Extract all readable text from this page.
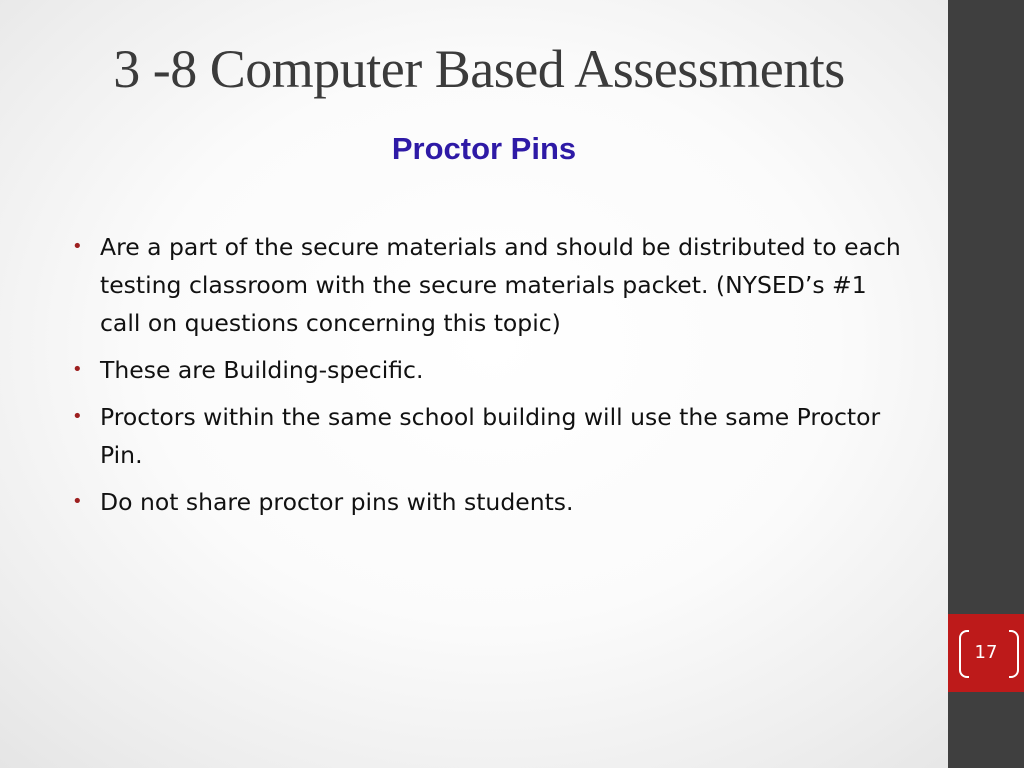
3 -8 Computer Based Assessments
Proctor Pins
• Are a part of the secure materials and should be distributed to each testing classroom with the secure materials packet. (NYSED’s #1 call on questions concerning this topic)
• These are Building-specific.
• Proctors within the same school building will use the same Proctor Pin.
• Do not share proctor pins with students.
17
